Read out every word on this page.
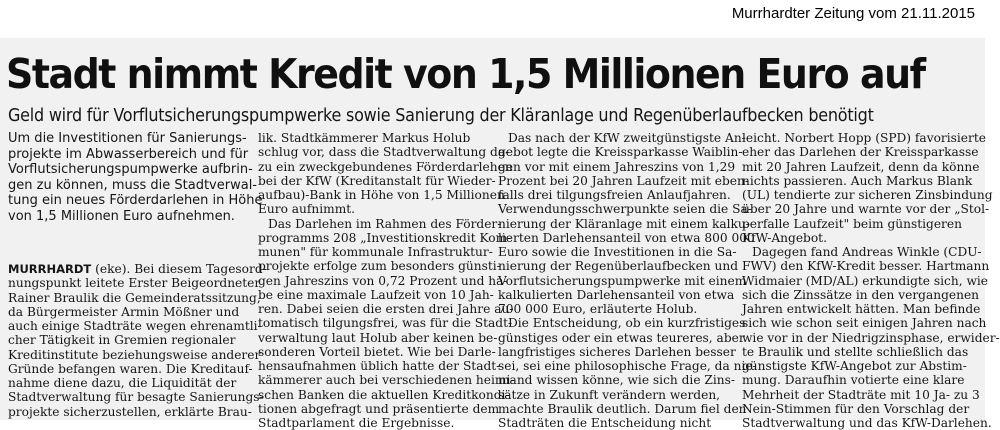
Murrhardter Zeitung vom 21.11.2015
Stadt nimmt Kredit von 1,5 Millionen Euro auf
Geld wird für Vorflutsicherungspumpwerke sowie Sanierung der Kläranlage und Regenüberlaufbecken benötigt
Um die Investitionen für Sanierungs-
projekte im Abwasserbereich und für
Vorflutsicherungspumpwerke aufbrin-
gen zu können, muss die Stadtverwal-
tung ein neues Förderdarlehen in Höhe
von 1,5 Millionen Euro aufnehmen.
MURRHARDT (eke). Bei diesem Tagesord-
nungspunkt leitete Erster Beigeordneter
Rainer Braulik die Gemeinderatssitzung,
da Bürgermeister Armin Mößner und
auch einige Stadträte wegen ehrenamtli-
cher Tätigkeit in Gremien regionaler
Kreditinstitute beziehungsweise anderer
Gründe befangen waren. Die Kreditauf-
nahme diene dazu, die Liquidität der
Stadtverwaltung für besagte Sanierungs-
projekte sicherzustellen, erklärte Brau-
lik. Stadtkämmerer Markus Holub
schlug vor, dass die Stadtverwaltung da-
zu ein zweckgebundenes Förderdarlehen
bei der KfW (Kreditanstalt für Wieder-
aufbau)-Bank in Höhe von 1,5 Millionen
Euro aufnimmt.
Das Darlehen im Rahmen des Förder-
programms 208 „Investitionskredit Kom-
munen" für kommunale Infrastruktur-
projekte erfolge zum besonders günsti-
gen Jahreszins von 0,72 Prozent und ha-
be eine maximale Laufzeit von 10 Jah-
ren. Dabei seien die ersten drei Jahre au-
tomatisch tilgungsfrei, was für die Stadt-
verwaltung laut Holub aber keinen be-
sonderen Vorteil bietet. Wie bei Darle-
hensaufnahmen üblich hatte der Stadt-
kämmerer auch bei verschiedenen heimi-
schen Banken die aktuellen Kreditkondi-
tionen abgefragt und präsentierte dem
Stadtparlament die Ergebnisse.
Das nach der KfW zweitgünstigste An-
gebot legte die Kreissparkasse Waiblin-
gen vor mit einem Jahreszins von 1,29
Prozent bei 20 Jahren Laufzeit mit eben-
falls drei tilgungsfreien Anlaufjahren.
Verwendungsschwerpunkte seien die Sa-
nierung der Kläranlage mit einem kalku-
lierten Darlehensanteil von etwa 800 000
Euro sowie die Investitionen in die Sa-
nierung der Regenüberlaufbecken und
Vorflutsicherungspumpwerke mit einem
kalkulierten Darlehensanteil von etwa
700 000 Euro, erläuterte Holub.
Die Entscheidung, ob ein kurzfristiges
günstiges oder ein etwas teureres, aber
langfristiges sicheres Darlehen besser
sei, sei eine philosophische Frage, da nie-
mand wissen könne, wie sich die Zins-
sätze in Zukunft verändern werden,
machte Braulik deutlich. Darum fiel den
Stadträten die Entscheidung nicht
leicht. Norbert Hopp (SPD) favorisierte
eher das Darlehen der Kreissparkasse
mit 20 Jahren Laufzeit, denn da könne
nichts passieren. Auch Markus Blank
(UL) tendierte zur sicheren Zinsbindung
über 20 Jahre und warnte vor der „Stol-
perfalle Laufzeit" beim günstigeren
KfW-Angebot.
Dagegen fand Andreas Winkle (CDU-
FWV) den KfW-Kredit besser. Hartmann
Widmaier (MD/AL) erkundigte sich, wie
sich die Zinssätze in den vergangenen
Jahren entwickelt hätten. Man befinde
sich wie schon seit einigen Jahren nach
wie vor in der Niedrigzinsphase, erwider-
te Braulik und stellte schließlich das
günstigste KfW-Angebot zur Abstim-
mung. Daraufhin votierte eine klare
Mehrheit der Stadträte mit 10 Ja- zu 3
Nein-Stimmen für den Vorschlag der
Stadtverwaltung und das KfW-Darlehen.
